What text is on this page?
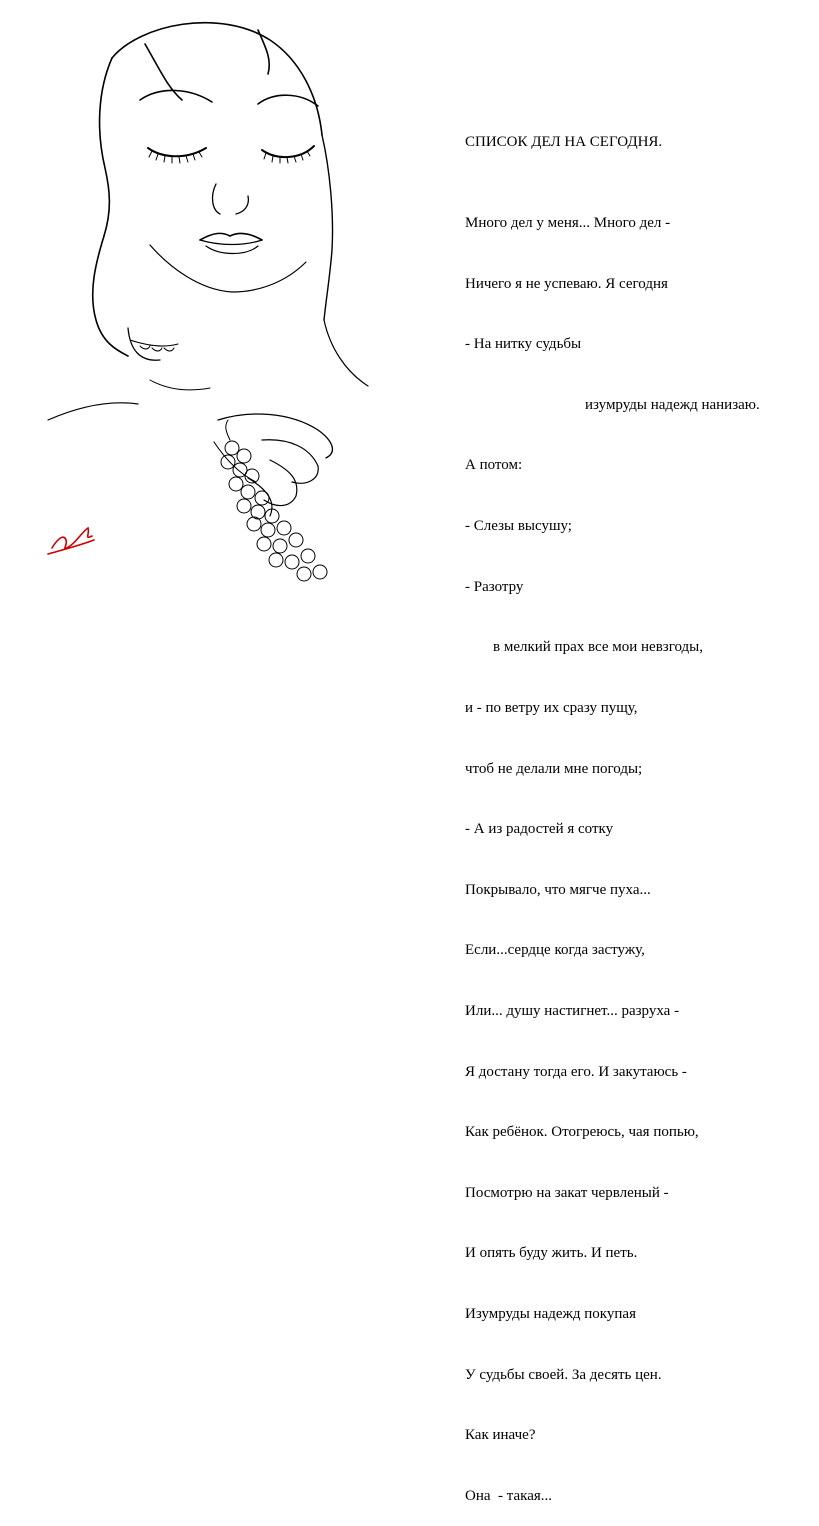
СПИСОК ДЕЛ НА СЕГОДНЯ.

Много дел у меня... Много дел -

Ничего я не успеваю. Я сегодня

- На нитку судьбы

изумруды надежд нанизаю.

А потом:

- Слезы высушу;

- Разотру

в мелкий прах все мои невзгоды,

и - по ветру их сразу пущу,

чтоб не делали мне погоды;

- А из радостей я сотку

Покрывало, что мягче пуха...

Если...сердце когда застужу,

Или... душу настигнет... разруха -

Я достану тогда его. И закутаюсь -

Как ребёнок. Отогреюсь, чая попью,

Посмотрю на закат червленый -

И опять буду жить. И петь.

Изумруды надежд покупая

У судьбы своей. За десять цен.

Как иначе?

Она  - такая...
